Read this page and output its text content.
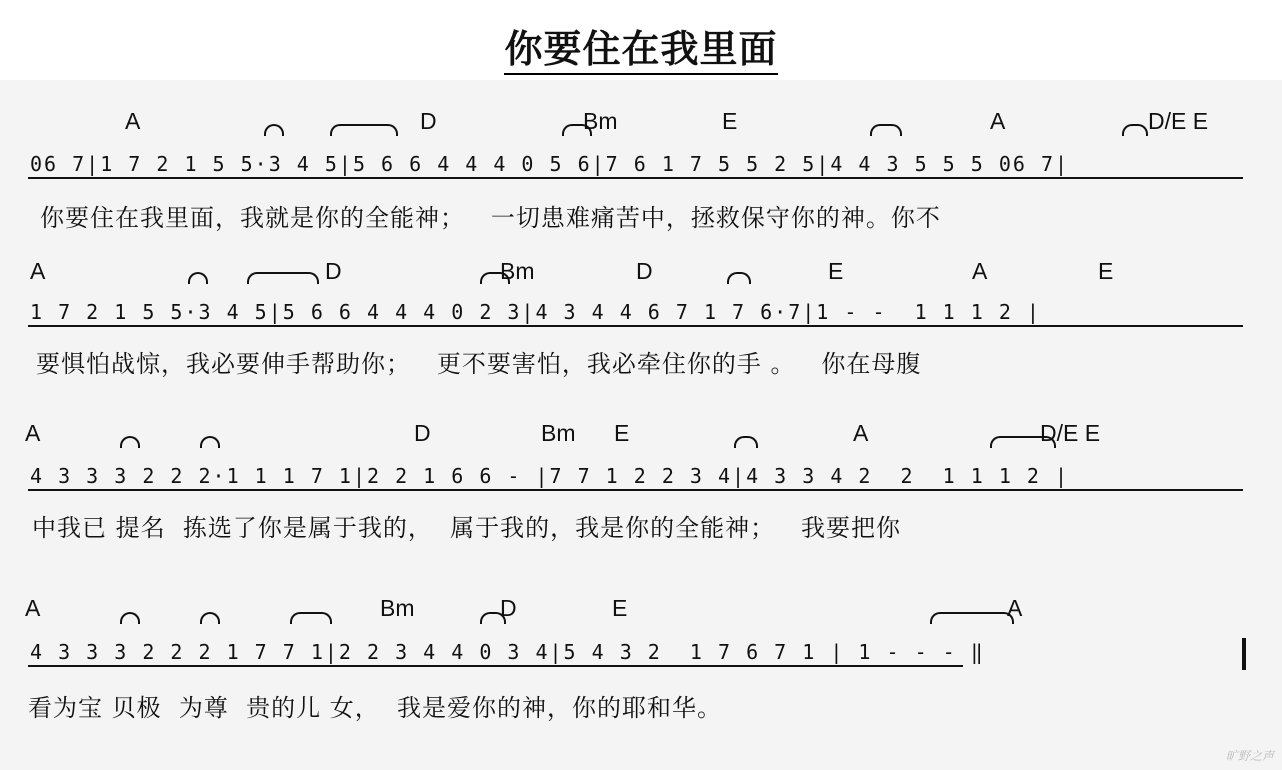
你要住在我里面
A	D	Bm	E	A	D/E E
06 7|1 7 2 1 5 5·3 4 5|5 6 6 4 4 4 0 5 6|7 6 1 7 5 5 2 5|4 4 3 5 5 5 06 7|
你要住在我里面，我就是你的全能神；   一切患难痛苦中，拯救保守你的神。你不
A	D	Bm	D	E	A	E
1 7 2 1 5 5·3 4 5|5 6 6 4 4 4 0 2 3|4 3 4 4 6 7 1 7 6·7|1 - -  1 1 1 2 |
要惧怕战惊，我必要伸手帮助你；   更不要害怕，我必牵住你的手 。   你在母腹
A	D	Bm E	A	D/E E
4 3 3 3 2 2 2·1 1 1 7 1|2 2 1 6 6 - |7 7 1 2 2 3 4|4 3 3 4 2  2  1 1 1 2 |
中我已 提名  拣选了你是属于我的，  属于我的，我是你的全能神；   我要把你
A	Bm	D	E	A
4 3 3 3 2 2 2 1 7 7 1|2 2 3 4 4 0 3 4|5 4 3 2  1 7 6 7 1 | 1 - - - ‖
看为宝 贝极  为尊  贵的儿 女，  我是爱你的神，你的耶和华。
旷野之声
